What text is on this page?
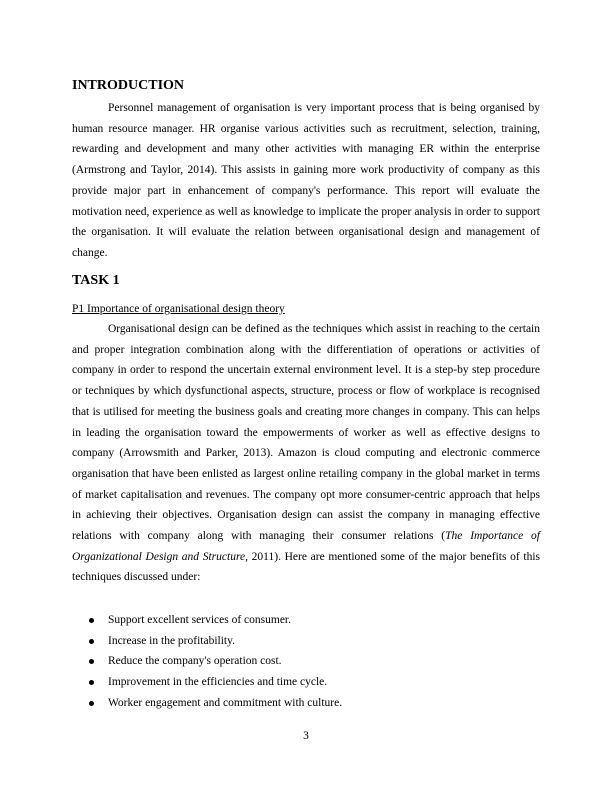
INTRODUCTION

Personnel management of organisation is very important process that is being organised by human resource manager. HR organise various activities such as recruitment, selection, training, rewarding and development and many other activities with managing ER within the enterprise (Armstrong and Taylor, 2014). This assists in gaining more work productivity of company as this provide major part in enhancement of company's performance. This report will evaluate the motivation need, experience as well as knowledge to implicate the proper analysis in order to support the organisation. It will evaluate the relation between organisational design and management of change.

TASK 1

P1 Importance of organisational design theory

Organisational design can be defined as the techniques which assist in reaching to the certain and proper integration combination along with the differentiation of operations or activities of company in order to respond the uncertain external environment level. It is a step-by step procedure or techniques by which dysfunctional aspects, structure, process or flow of workplace is recognised that is utilised for meeting the business goals and creating more changes in company. This can helps in leading the organisation toward the empowerments of worker as well as effective designs to company (Arrowsmith and Parker, 2013). Amazon is cloud computing and electronic commerce organisation that have been enlisted as largest online retailing company in the global market in terms of market capitalisation and revenues. The company opt more consumer-centric approach that helps in achieving their objectives. Organisation design can assist the company in managing effective relations with company along with managing their consumer relations (The Importance of Organizational Design and Structure, 2011). Here are mentioned some of the major benefits of this techniques discussed under:

Support excellent services of consumer.
Increase in the profitability.
Reduce the company's operation cost.
Improvement in the efficiencies and time cycle.
Worker engagement and commitment with culture.
3
